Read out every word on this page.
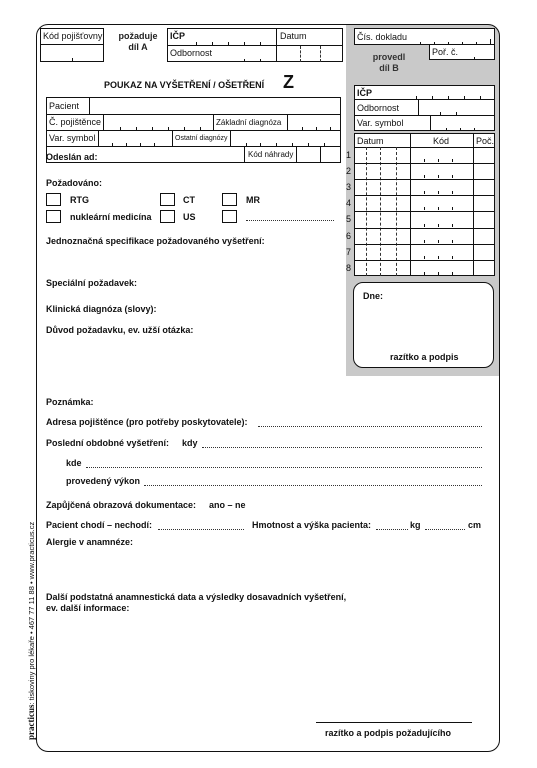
Kód pojišťovny	požaduje
díl A
IČP	Datum
Odbornost
POUKAZ NA VYŠETŘENÍ / OŠETŘENÍ Z
Pacient
Č. pojištěnce	Základní diagnóza
Var. symbol	Ostatní diagnózy
Odeslán ad:	Kód náhrady
Požadováno:
RTG	CT	MR
nukleární medicína	US
Jednoznačná specifikace požadovaného vyšetření:
Speciální požadavek:
Klinická diagnóza (slovy):
Důvod požadavku, ev. užší otázka:
Čís. dokladu
provedl
díl B
Poř. č.
IČP
Odbornost
Var. symbol
Datum	Kód	Poč.
1
2
3
4
5
6
7
8
Dne:
razítko a podpis
Poznámka:
Adresa pojištěnce (pro potřeby poskytovatele):
Poslední obdobné vyšetření: kdy
kde
provedený výkon
Zapůjčená obrazová dokumentace: ano – ne
Pacient chodí – nechodí:	Hmotnost a výška pacienta:	kg	cm
Alergie v anamnéze:
Další podstatná anamnestická data a výsledky dosavadních vyšetření,
ev. další informace:
razítko a podpis požadujícího
practicus: tiskoviny pro lékaře • 467 77 11 88 • www.practicus.cz
